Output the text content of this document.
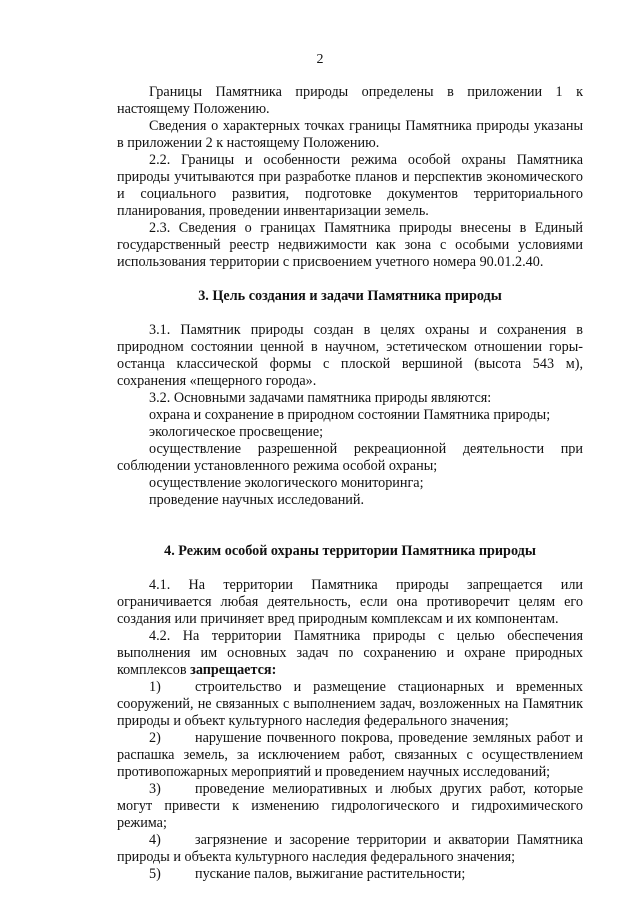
2

Границы Памятника природы определены в приложении 1 к настоящему Положению.

Сведения о характерных точках границы Памятника природы указаны в приложении 2 к настоящему Положению.

2.2. Границы и особенности режима особой охраны Памятника природы учитываются при разработке планов и перспектив экономического и социального развития, подготовке документов территориального планирования, проведении инвентаризации земель.

2.3. Сведения о границах Памятника природы внесены в Единый государственный реестр недвижимости как зона с особыми условиями использования территории с присвоением учетного номера 90.01.2.40.

3. Цель создания и задачи Памятника природы

3.1. Памятник природы создан в целях охраны и сохранения в природном состоянии ценной в научном, эстетическом отношении горы-останца классической формы с плоской вершиной (высота 543 м), сохранения «пещерного города».

3.2. Основными задачами памятника природы являются:

охрана и сохранение в природном состоянии Памятника природы;

экологическое просвещение;

осуществление разрешенной рекреационной деятельности при соблюдении установленного режима особой охраны;

осуществление экологического мониторинга;

проведение научных исследований.

4. Режим особой охраны территории Памятника природы

4.1. На территории Памятника природы запрещается или ограничивается любая деятельность, если она противоречит целям его создания или причиняет вред природным комплексам и их компонентам.

4.2. На территории Памятника природы с целью обеспечения выполнения им основных задач по сохранению и охране природных комплексов запрещается:

1) строительство и размещение стационарных и временных сооружений, не связанных с выполнением задач, возложенных на Памятник природы и объект культурного наследия федерального значения;

2) нарушение почвенного покрова, проведение земляных работ и распашка земель, за исключением работ, связанных с осуществлением противопожарных мероприятий и проведением научных исследований;

3) проведение мелиоративных и любых других работ, которые могут привести к изменению гидрологического и гидрохимического режима;

4) загрязнение и засорение территории и акватории Памятника природы и объекта культурного наследия федерального значения;

5) пускание палов, выжигание растительности;
